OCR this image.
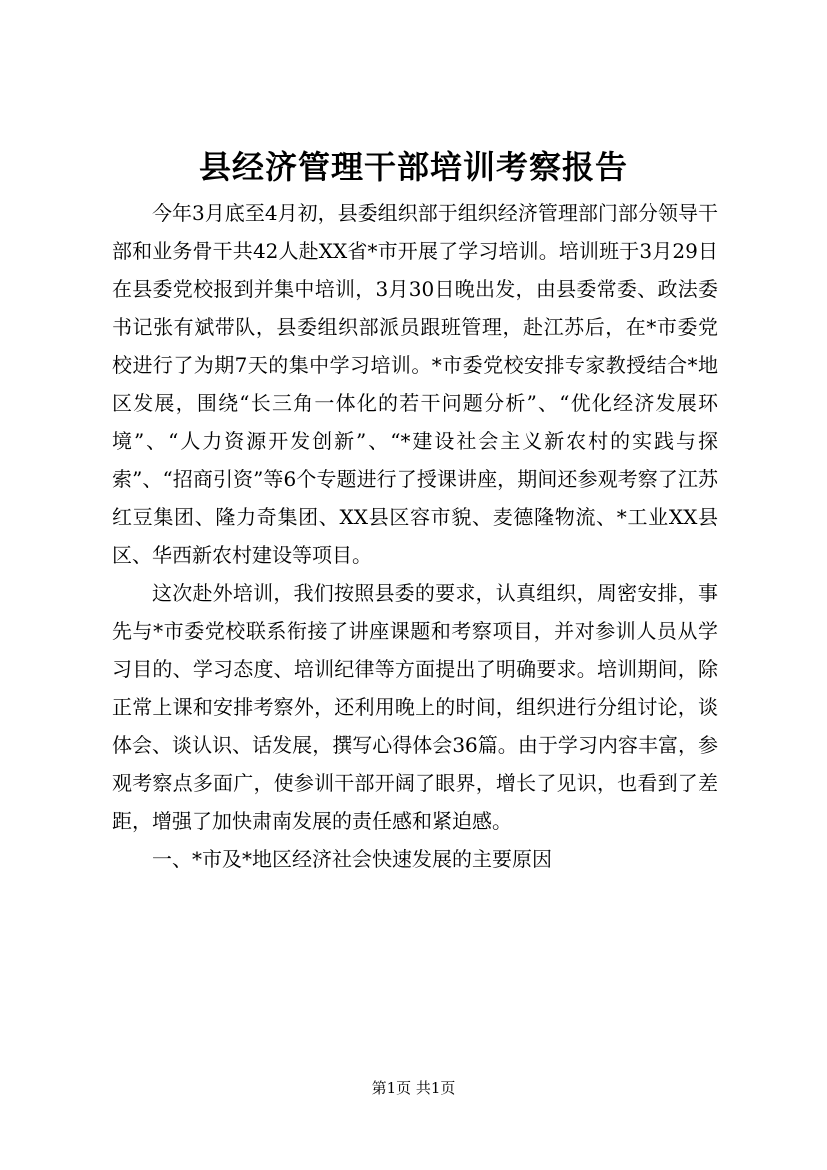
县经济管理干部培训考察报告

今年3月底至4月初，县委组织部于组织经济管理部门部分领导干部和业务骨干共42人赴XX省*市开展了学习培训。培训班于3月29日在县委党校报到并集中培训，3月30日晚出发，由县委常委、政法委书记张有斌带队，县委组织部派员跟班管理，赴江苏后，在*市委党校进行了为期7天的集中学习培训。*市委党校安排专家教授结合*地区发展，围绕“长三角一体化的若干问题分析”、“优化经济发展环境”、“人力资源开发创新”、“*建设社会主义新农村的实践与探索”、“招商引资”等6个专题进行了授课讲座，期间还参观考察了江苏红豆集团、隆力奇集团、XX县区容市貌、麦德隆物流、*工业XX县区、华西新农村建设等项目。

这次赴外培训，我们按照县委的要求，认真组织，周密安排，事先与*市委党校联系衔接了讲座课题和考察项目，并对参训人员从学习目的、学习态度、培训纪律等方面提出了明确要求。培训期间，除正常上课和安排考察外，还利用晚上的时间，组织进行分组讨论，谈体会、谈认识、话发展，撰写心得体会36篇。由于学习内容丰富，参观考察点多面广，使参训干部开阔了眼界，增长了见识，也看到了差距，增强了加快肃南发展的责任感和紧迫感。

一、*市及*地区经济社会快速发展的主要原因

第1页 共1页
